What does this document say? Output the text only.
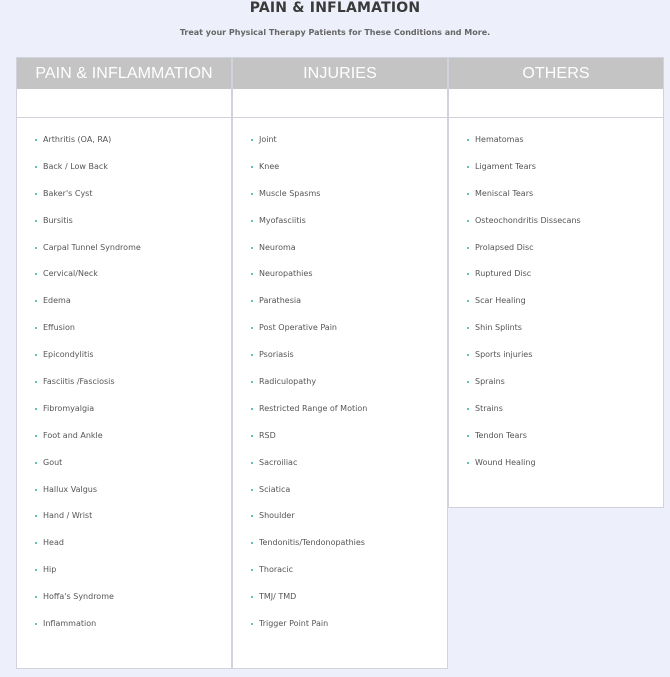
PAIN & INFLAMATION
Treat your Physical Therapy Patients for These Conditions and More.
PAIN & INFLAMMATION
Arthritis (OA, RA)
Back / Low Back
Baker's Cyst
Bursitis
Carpal Tunnel Syndrome
Cervical/Neck
Edema
Effusion
Epicondylitis
Fasciitis /Fasciosis
Fibromyalgia
Foot and Ankle
Gout
Hallux Valgus
Hand / Wrist
Head
Hip
Hoffa's Syndrome
Inflammation
INJURIES
Joint
Knee
Muscle Spasms
Myofasciitis
Neuroma
Neuropathies
Parathesia
Post Operative Pain
Psoriasis
Radiculopathy
Restricted Range of Motion
RSD
Sacroiliac
Sciatica
Shoulder
Tendonitis/Tendonopathies
Thoracic
TMJ/ TMD
Trigger Point Pain
OTHERS
Hematomas
Ligament Tears
Meniscal Tears
Osteochondritis Dissecans
Prolapsed Disc
Ruptured Disc
Scar Healing
Shin Splints
Sports injuries
Sprains
Strains
Tendon Tears
Wound Healing
